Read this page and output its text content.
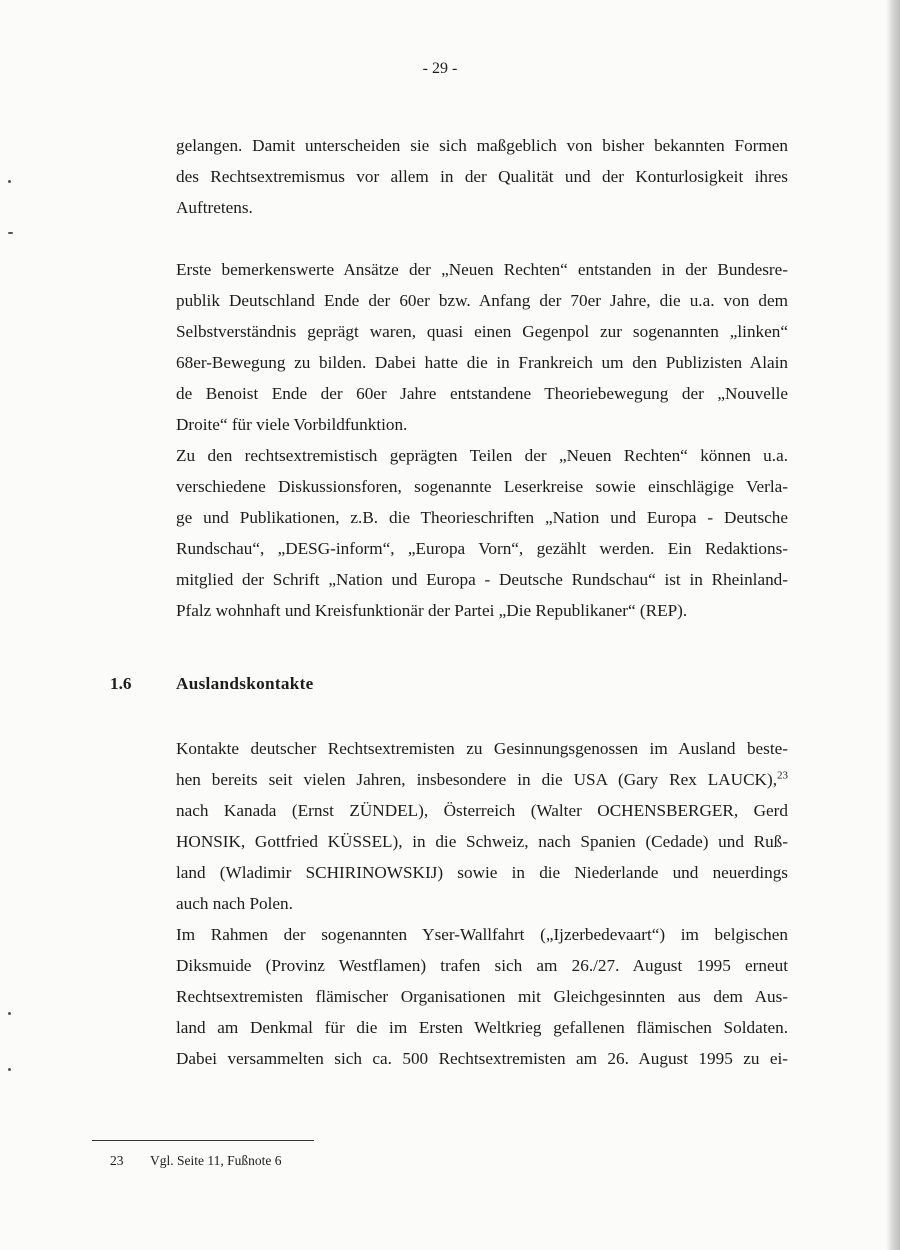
- 29 -

gelangen. Damit unterscheiden sie sich maßgeblich von bisher bekannten Formen
des Rechtsextremismus vor allem in der Qualität und der Konturlosigkeit ihres
Auftretens.

Erste bemerkenswerte Ansätze der „Neuen Rechten“ entstanden in der Bundesre-
publik Deutschland Ende der 60er bzw. Anfang der 70er Jahre, die u.a. von dem
Selbstverständnis geprägt waren, quasi einen Gegenpol zur sogenannten „linken“
68er-Bewegung zu bilden. Dabei hatte die in Frankreich um den Publizisten Alain
de Benoist Ende der 60er Jahre entstandene Theoriebewegung der „Nouvelle
Droite“ für viele Vorbildfunktion.
Zu den rechtsextremistisch geprägten Teilen der „Neuen Rechten“ können u.a.
verschiedene Diskussionsforen, sogenannte Leserkreise sowie einschlägige Verla-
ge und Publikationen, z.B. die Theorieschriften „Nation und Europa - Deutsche
Rundschau“, „DESG-inform“, „Europa Vorn“, gezählt werden. Ein Redaktions-
mitglied der Schrift „Nation und Europa - Deutsche Rundschau“ ist in Rheinland-
Pfalz wohnhaft und Kreisfunktionär der Partei „Die Republikaner“ (REP).

1.6	Auslandskontakte

Kontakte deutscher Rechtsextremisten zu Gesinnungsgenossen im Ausland beste-
hen bereits seit vielen Jahren, insbesondere in die USA (Gary Rex LAUCK),$^{23}$
nach Kanada (Ernst ZÜNDEL), Österreich (Walter OCHENSBERGER, Gerd
HONSIK, Gottfried KÜSSEL), in die Schweiz, nach Spanien (Cedade) und Ruß-
land (Wladimir SCHIRINOWSKIJ) sowie in die Niederlande und neuerdings
auch nach Polen.
Im Rahmen der sogenannten Yser-Wallfahrt („Ijzerbedevaart“) im belgischen
Diksmuide (Provinz Westflamen) trafen sich am 26./27. August 1995 erneut
Rechtsextremisten flämischer Organisationen mit Gleichgesinnten aus dem Aus-
land am Denkmal für die im Ersten Weltkrieg gefallenen flämischen Soldaten.
Dabei versammelten sich ca. 500 Rechtsextremisten am 26. August 1995 zu ei-

23 Vgl. Seite 11, Fußnote 6
